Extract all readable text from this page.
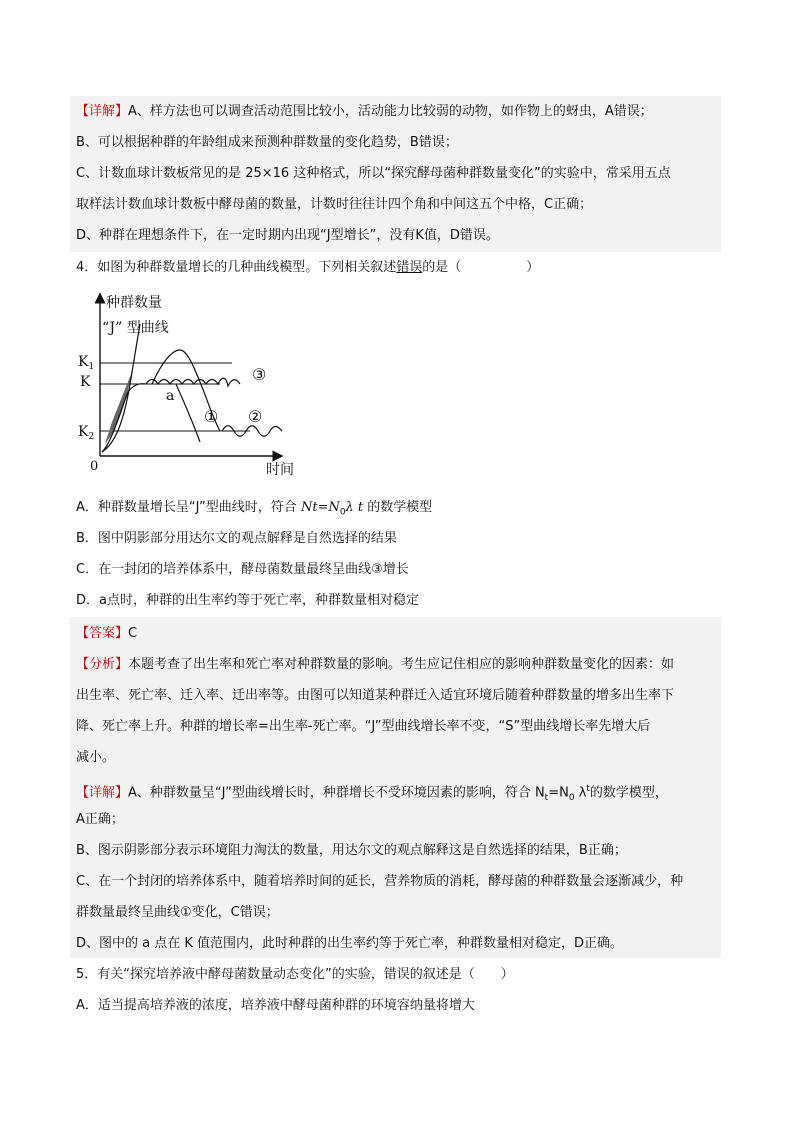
【详解】A、样方法也可以调查活动范围比较小，活动能力比较弱的动物，如作物上的蚜虫，A错误；
B、可以根据种群的年龄组成来预测种群数量的变化趋势，B错误；
C、计数血球计数板常见的是 25×16 这种格式，所以“探究酵母菌种群数量变化”的实验中，常采用五点
取样法计数血球计数板中酵母菌的数量，计数时往往计四个角和中间这五个中格，C正确；
D、种群在理想条件下，在一定时期内出现“J型增长”，没有K值，D错误。
4．如图为种群数量增长的几种曲线模型。下列相关叙述错误的是（　　　　　）
种群数量
时间
0
“J” 型曲线
$K_1$
K
$K_2$
a
① ②
③
A．种群数量增长呈“J”型曲线时，符合 $Nt=N_0\lambda$ t 的数学模型
B．图中阴影部分用达尔文的观点解释是自然选择的结果
C．在一封闭的培养体系中，酵母菌数量最终呈曲线③增长
D．a点时，种群的出生率约等于死亡率，种群数量相对稳定
【答案】C
【分析】本题考查了出生率和死亡率对种群数量的影响。考生应记住相应的影响种群数量变化的因素：如
出生率、死亡率、迁入率、迁出率等。由图可以知道某种群迁入适宜环境后随着种群数量的增多出生率下
降、死亡率上升。种群的增长率=出生率-死亡率。“J”型曲线增长率不变，“S”型曲线增长率先增大后
减小。
【详解】A、种群数量呈“J”型曲线增长时，种群增长不受环境因素的影响，符合 $N_t=N_0$ $\lambda^t$的数学模型，
A正确；
B、图示阴影部分表示环境阻力淘汰的数量，用达尔文的观点解释这是自然选择的结果，B正确；
C、在一个封闭的培养体系中，随着培养时间的延长，营养物质的消耗，酵母菌的种群数量会逐渐减少，种
群数量最终呈曲线①变化，C错误；
D、图中的 a 点在 K 值范围内，此时种群的出生率约等于死亡率，种群数量相对稳定，D正确。
5．有关“探究培养液中酵母菌数量动态变化”的实验，错误的叙述是（　　）
A．适当提高培养液的浓度，培养液中酵母菌种群的环境容纳量将增大
